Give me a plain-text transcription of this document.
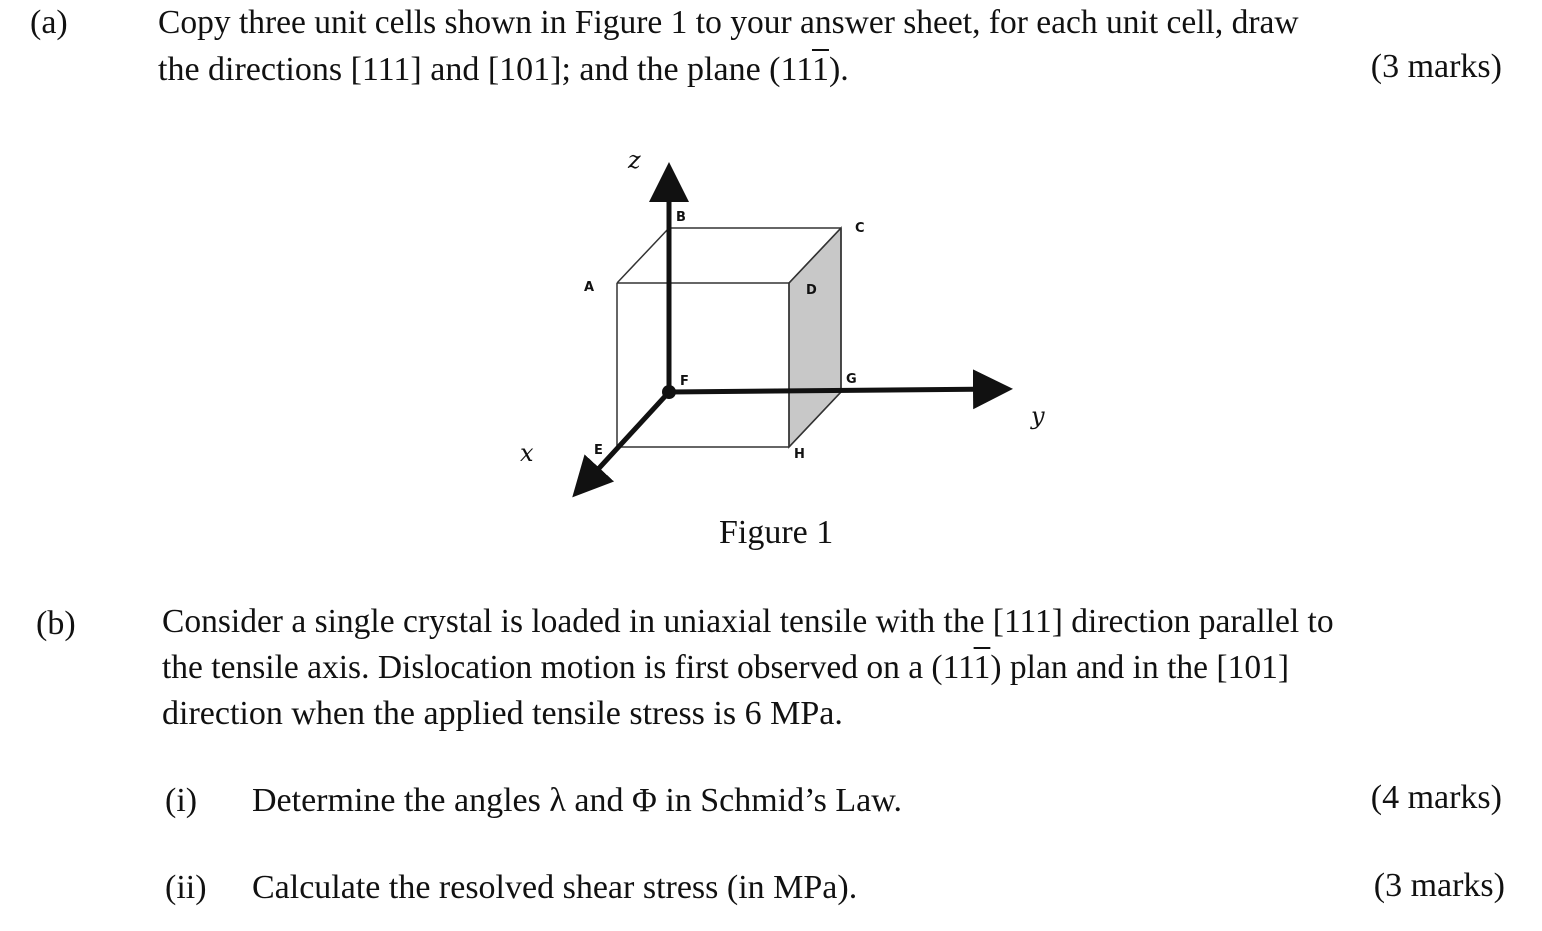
(a)	Copy three unit cells shown in Figure 1 to your answer sheet, for each unit cell, draw
the directions [111] and [101]; and the plane (111).	(3 marks)
A
B
C
D
E
F	G
H
z
y
x
Figure 1
(b)	Consider a single crystal is loaded in uniaxial tensile with the [111] direction parallel to
the tensile axis. Dislocation motion is first observed on a (111) plan and in the [101]
direction when the applied tensile stress is 6 MPa.
(i) Determine the angles λ and Φ in Schmid’s Law.	(4 marks)
(ii) Calculate the resolved shear stress (in MPa).	(3 marks)
